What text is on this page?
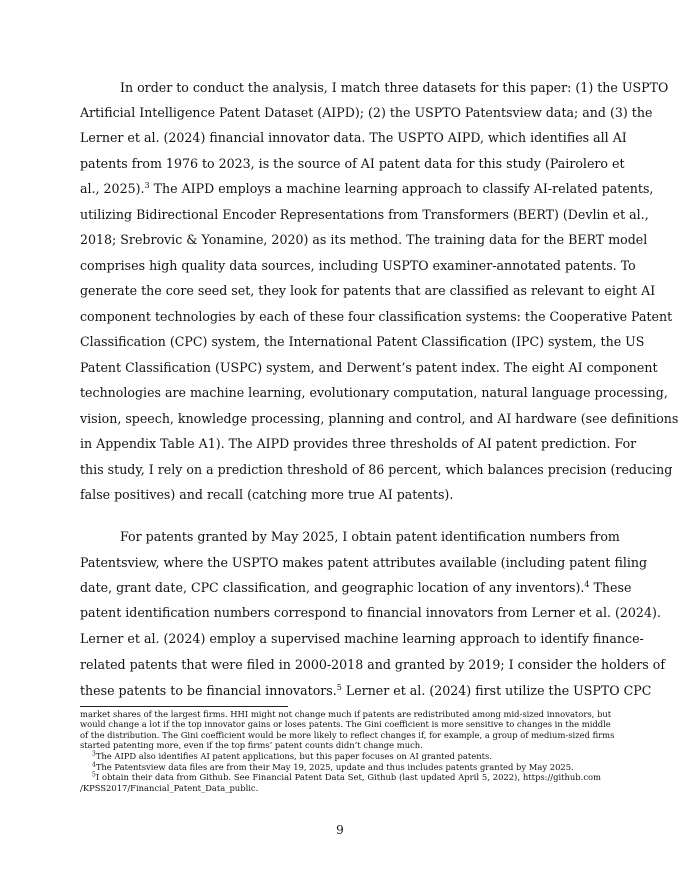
In order to conduct the analysis, I match three datasets for this paper: (1) the USPTO
Artificial Intelligence Patent Dataset (AIPD); (2) the USPTO Patentsview data; and (3) the
Lerner et al. (2024) financial innovator data. The USPTO AIPD, which identifies all AI
patents from 1976 to 2023, is the source of AI patent data for this study (Pairolero et
al., 2025).$^3$ The AIPD employs a machine learning approach to classify AI-related patents,
utilizing Bidirectional Encoder Representations from Transformers (BERT) (Devlin et al.,
2018; Srebrovic & Yonamine, 2020) as its method. The training data for the BERT model
comprises high quality data sources, including USPTO examiner-annotated patents. To
generate the core seed set, they look for patents that are classified as relevant to eight AI
component technologies by each of these four classification systems: the Cooperative Patent
Classification (CPC) system, the International Patent Classification (IPC) system, the US
Patent Classification (USPC) system, and Derwent’s patent index. The eight AI component
technologies are machine learning, evolutionary computation, natural language processing,
vision, speech, knowledge processing, planning and control, and AI hardware (see definitions
in Appendix Table A1). The AIPD provides three thresholds of AI patent prediction. For
this study, I rely on a prediction threshold of 86 percent, which balances precision (reducing
false positives) and recall (catching more true AI patents).
For patents granted by May 2025, I obtain patent identification numbers from
Patentsview, where the USPTO makes patent attributes available (including patent filing
date, grant date, CPC classification, and geographic location of any inventors).$^4$ These
patent identification numbers correspond to financial innovators from Lerner et al. (2024).
Lerner et al. (2024) employ a supervised machine learning approach to identify finance-
related patents that were filed in 2000-2018 and granted by 2019; I consider the holders of
these patents to be financial innovators.$^5$ Lerner et al. (2024) first utilize the USPTO CPC
market shares of the largest firms. HHI might not change much if patents are redistributed among mid-sized innovators, but
would change a lot if the top innovator gains or loses patents. The Gini coefficient is more sensitive to changes in the middle
of the distribution. The Gini coefficient would be more likely to reflect changes if, for example, a group of medium-sized firms
started patenting more, even if the top firms’ patent counts didn’t change much.
$^3$The AIPD also identifies AI patent applications, but this paper focuses on AI granted patents.
$^4$The Patentsview data files are from their May 19, 2025, update and thus includes patents granted by May 2025.
$^5$I obtain their data from Github. See Financial Patent Data Set, Github (last updated April 5, 2022), https://github.com
/KPSS2017/Financial_Patent_Data_public.
9
